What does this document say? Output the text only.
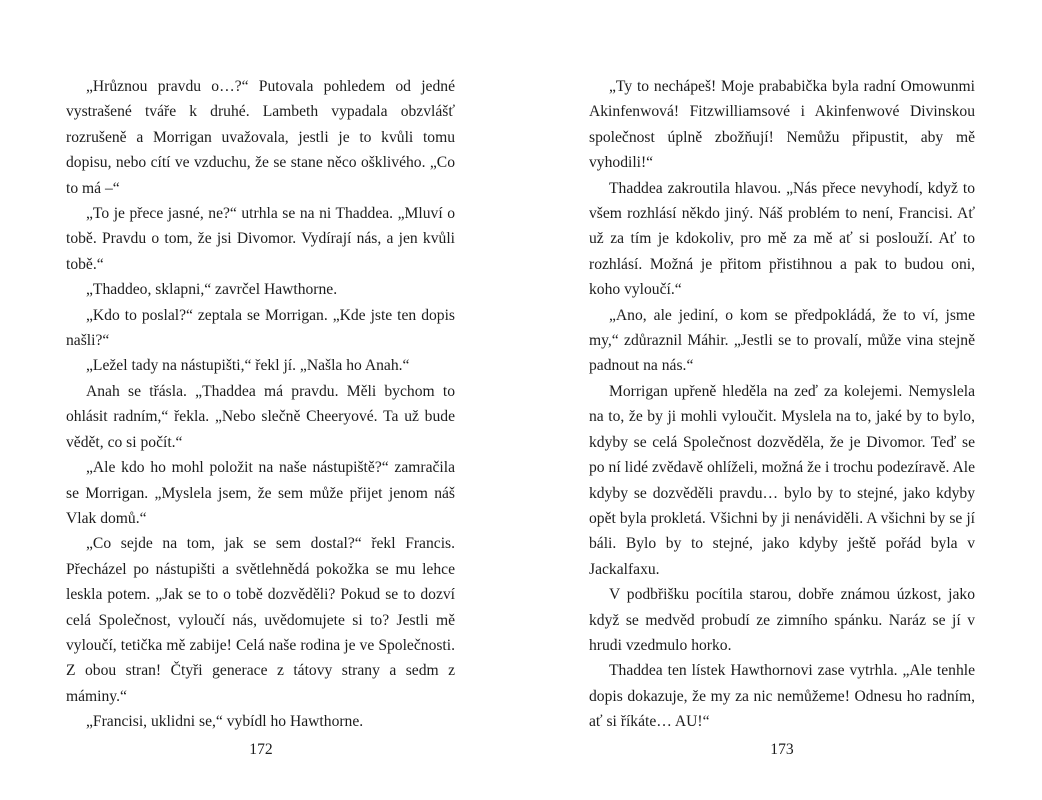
„Hrůznou pravdu o…?“ Putovala pohledem od jedné vystrašené tváře k druhé. Lambeth vypadala obzvlášť rozrušeně a Morrigan uvažovala, jestli je to kvůli tomu dopisu, nebo cítí ve vzduchu, že se stane něco ošklivého. „Co to má –“

„To je přece jasné, ne?“ utrhla se na ni Thaddea. „Mluví o tobě. Pravdu o tom, že jsi Divomor. Vydírají nás, a jen kvůli tobě.“

„Thaddeo, sklapni,“ zavrčel Hawthorne.

„Kdo to poslal?“ zeptala se Morrigan. „Kde jste ten dopis našli?“

„Ležel tady na nástupišti,“ řekl jí. „Našla ho Anah.“

Anah se třásla. „Thaddea má pravdu. Měli bychom to ohlásit radním,“ řekla. „Nebo slečně Cheeryové. Ta už bude vědět, co si počít.“

„Ale kdo ho mohl položit na naše nástupiště?“ zamračila se Morrigan. „Myslela jsem, že sem může přijet jenom náš Vlak domů.“

„Co sejde na tom, jak se sem dostal?“ řekl Francis. Přecházel po nástupišti a světlehnědá pokožka se mu lehce leskla potem. „Jak se to o tobě dozvěděli? Pokud se to dozví celá Společnost, vyloučí nás, uvědomujete si to? Jestli mě vyloučí, tetička mě zabije! Celá naše rodina je ve Společnosti. Z obou stran! Čtyři generace z tátovy strany a sedm z máminy.“

„Francisi, uklidni se,“ vybídl ho Hawthorne.

172

„Ty to nechápeš! Moje prababička byla radní Omowunmi Akinfenwová! Fitzwilliamsové i Akinfenwové Divinskou společnost úplně zbožňují! Nemůžu připustit, aby mě vyhodili!“

Thaddea zakroutila hlavou. „Nás přece nevyhodí, když to všem rozhlásí někdo jiný. Náš problém to není, Francisi. Ať už za tím je kdokoliv, pro mě za mě ať si poslouží. Ať to rozhlásí. Možná je přitom přistihnou a pak to budou oni, koho vyloučí.“

„Ano, ale jediní, o kom se předpokládá, že to ví, jsme my,“ zdůraznil Máhir. „Jestli se to provalí, může vina stejně padnout na nás.“

Morrigan upřeně hleděla na zeď za kolejemi. Nemyslela na to, že by ji mohli vyloučit. Myslela na to, jaké by to bylo, kdyby se celá Společnost dozvěděla, že je Divomor. Teď se po ní lidé zvědavě ohlíželi, možná že i trochu podezíravě. Ale kdyby se dozvěděli pravdu… bylo by to stejné, jako kdyby opět byla prokletá. Všichni by ji nenáviděli. A všichni by se jí báli. Bylo by to stejné, jako kdyby ještě pořád byla v Jackalfaxu.

V podbřišku pocítila starou, dobře známou úzkost, jako když se medvěd probudí ze zimního spánku. Naráz se jí v hrudi vzedmulo horko.

Thaddea ten lístek Hawthornovi zase vytrhla. „Ale tenhle dopis dokazuje, že my za nic nemůžeme! Odnesu ho radním, ať si říkáte… AU!“

173
